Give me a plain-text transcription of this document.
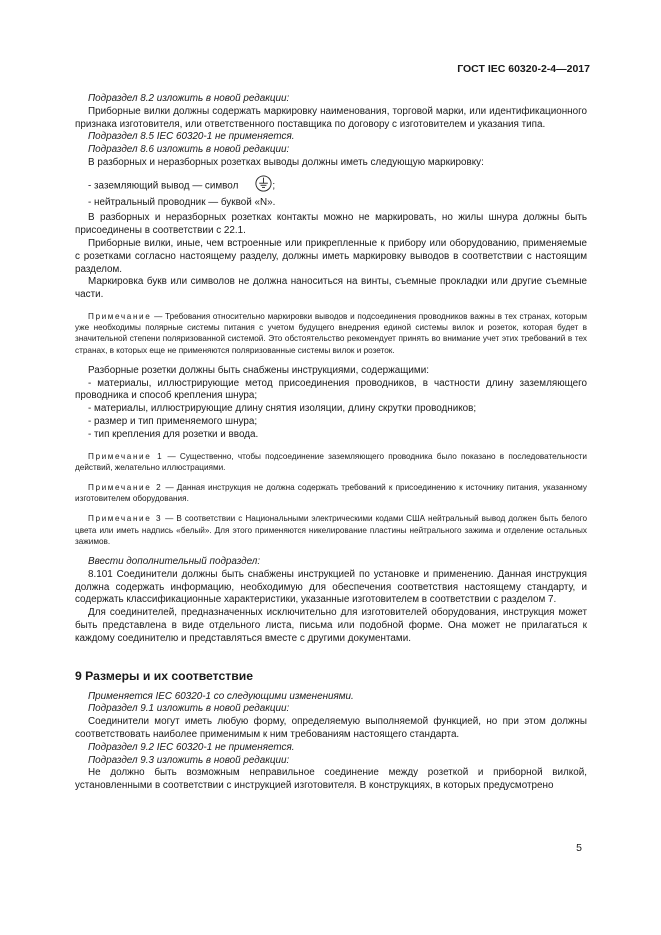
ГОСТ IEC 60320-2-4—2017

Подраздел 8.2 изложить в новой редакции:

Приборные вилки должны содержать маркировку наименования, торговой марки, или идентификационного признака изготовителя, или ответственного поставщика по договору с изготовителем и указания типа.

Подраздел 8.5 IEC 60320-1 не применяется.

Подраздел 8.6 изложить в новой редакции:

В разборных и неразборных розетках выводы должны иметь следующую маркировку:

- заземляющий вывод — символ	;

- нейтральный проводник — буквой «N».

В разборных и неразборных розетках контакты можно не маркировать, но жилы шнура должны быть присоединены в соответствии с 22.1.

Приборные вилки, иные, чем встроенные или прикрепленные к прибору или оборудованию, применяемые с розетками согласно настоящему разделу, должны иметь маркировку выводов в соответствии с настоящим разделом.

Маркировка букв или символов не должна наноситься на винты, съемные прокладки или другие съемные части.

Примечание — Требования относительно маркировки выводов и подсоединения проводников важны в тех странах, которым уже необходимы полярные системы питания с учетом будущего внедрения единой системы вилок и розеток, которая будет в значительной степени поляризованной системой. Это обстоятельство рекомендует принять во внимание учет этих требований в тех странах, в которых еще не применяются поляризованные системы вилок и розеток.

Разборные розетки должны быть снабжены инструкциями, содержащими:

- материалы, иллюстрирующие метод присоединения проводников, в частности длину заземляющего проводника и способ крепления шнура;

- материалы, иллюстрирующие длину снятия изоляции, длину скрутки проводников;

- размер и тип применяемого шнура;

- тип крепления для розетки и ввода.

Примечание 1 — Существенно, чтобы подсоединение заземляющего проводника было показано в последовательности действий, желательно иллюстрациями.

Примечание 2 — Данная инструкция не должна содержать требований к присоединению к источнику питания, указанному изготовителем оборудования.

Примечание 3 — В соответствии с Национальными электрическими кодами США нейтральный вывод должен быть белого цвета или иметь надпись «белый». Для этого применяются никелирование пластины нейтрального зажима и отделение остальных зажимов.

Ввести дополнительный подраздел:

8.101 Соединители должны быть снабжены инструкцией по установке и применению. Данная инструкция должна содержать информацию, необходимую для обеспечения соответствия настоящему стандарту, и содержать классификационные характеристики, указанные изготовителем в соответствии с разделом 7.

Для соединителей, предназначенных исключительно для изготовителей оборудования, инструкция может быть представлена в виде отдельного листа, письма или подобной форме. Она может не прилагаться к каждому соединителю и представляться вместе с другими документами.

9 Размеры и их соответствие

Применяется IEC 60320-1 со следующими изменениями.

Подраздел 9.1 изложить в новой редакции:

Соединители могут иметь любую форму, определяемую выполняемой функцией, но при этом должны соответствовать наиболее применимым к ним требованиям настоящего стандарта.

Подраздел 9.2 IEC 60320-1 не применяется.

Подраздел 9.3 изложить в новой редакции:

Не должно быть возможным неправильное соединение между розеткой и приборной вилкой, установленными в соответствии с инструкцией изготовителя. В конструкциях, в которых предусмотрено

5
